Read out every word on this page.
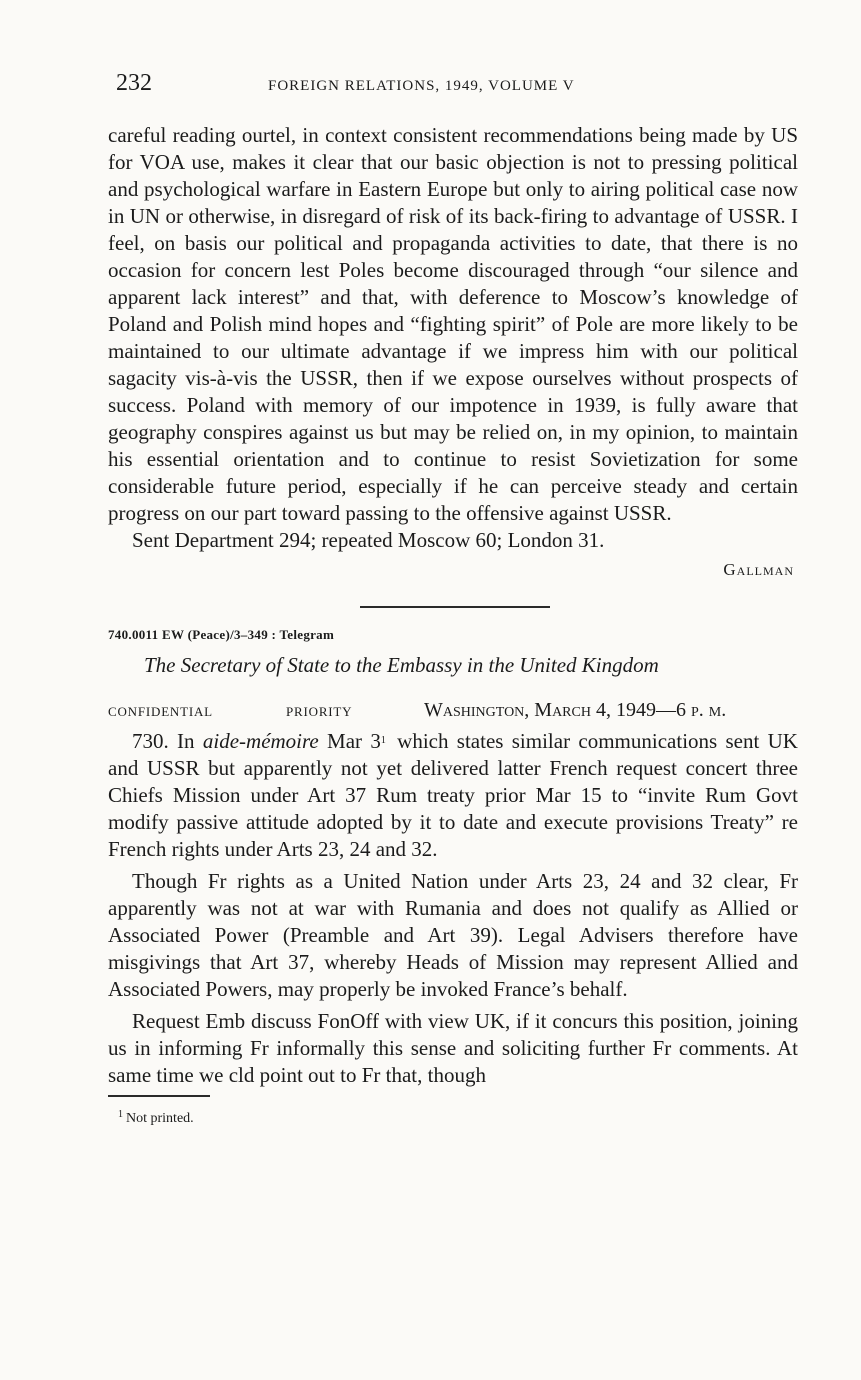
232	FOREIGN RELATIONS, 1949, VOLUME V

careful reading ourtel, in context consistent recommendations being made by US for VOA use, makes it clear that our basic objection is not to pressing political and psychological warfare in Eastern Europe but only to airing political case now in UN or otherwise, in disregard of risk of its back-firing to advantage of USSR. I feel, on basis our political and propaganda activities to date, that there is no occasion for concern lest Poles become discouraged through “our silence and apparent lack interest” and that, with deference to Moscow’s knowledge of Poland and Polish mind hopes and “fighting spirit” of Pole are more likely to be maintained to our ultimate advantage if we impress him with our political sagacity vis-à-vis the USSR, then if we expose ourselves without prospects of success. Poland with memory of our impotence in 1939, is fully aware that geography conspires against us but may be relied on, in my opinion, to maintain his essential orientation and to continue to resist Sovietization for some considerable future period, especially if he can perceive steady and certain progress on our part toward passing to the offensive against USSR.

Sent Department 294; repeated Moscow 60; London 31.

Gallman
740.0011 EW (Peace)/3–349 : Telegram
The Secretary of State to the Embassy in the United Kingdom
CONFIDENTIAL	PRIORITY	Washington, March 4, 1949—6 p. m.

730. In aide-mémoire Mar 3$^1$ which states similar communications sent UK and USSR but apparently not yet delivered latter French request concert three Chiefs Mission under Art 37 Rum treaty prior Mar 15 to “invite Rum Govt modify passive attitude adopted by it to date and execute provisions Treaty” re French rights under Arts 23, 24 and 32.

Though Fr rights as a United Nation under Arts 23, 24 and 32 clear, Fr apparently was not at war with Rumania and does not qualify as Allied or Associated Power (Preamble and Art 39). Legal Advisers therefore have misgivings that Art 37, whereby Heads of Mission may represent Allied and Associated Powers, may properly be invoked France’s behalf.

Request Emb discuss FonOff with view UK, if it concurs this position, joining us in informing Fr informally this sense and soliciting further Fr comments. At same time we cld point out to Fr that, though

$^1$ Not printed.
